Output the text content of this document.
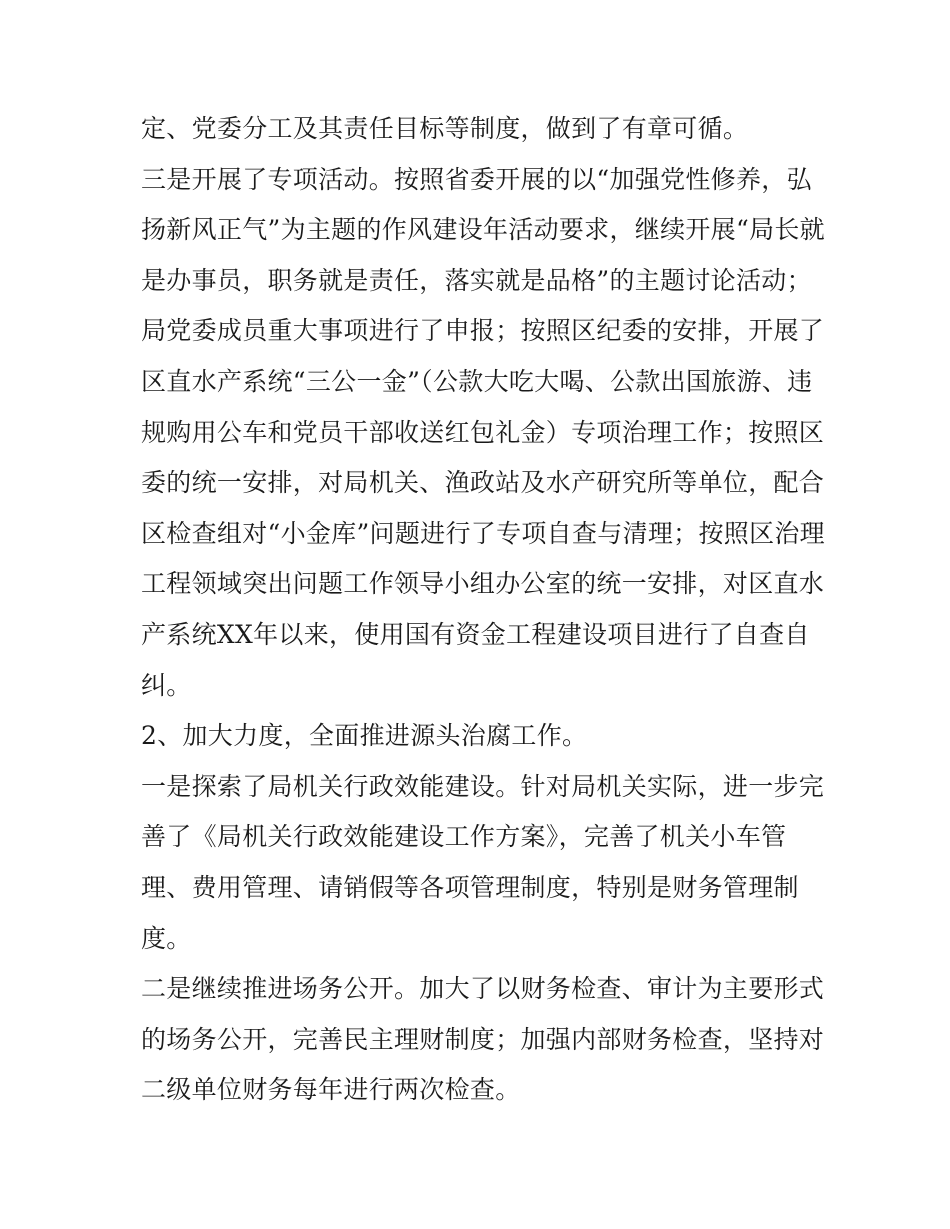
定、党委分工及其责任目标等制度，做到了有章可循。
三是开展了专项活动。按照省委开展的以“加强党性修养，弘
扬新风正气”为主题的作风建设年活动要求，继续开展“局长就
是办事员，职务就是责任，落实就是品格”的主题讨论活动；
局党委成员重大事项进行了申报；按照区纪委的安排，开展了
区直水产系统“三公一金”（公款大吃大喝、公款出国旅游、违
规购用公车和党员干部收送红包礼金）专项治理工作；按照区
委的统一安排，对局机关、渔政站及水产研究所等单位，配合
区检查组对“小金库”问题进行了专项自查与清理；按照区治理
工程领域突出问题工作领导小组办公室的统一安排，对区直水
产系统XX年以来，使用国有资金工程建设项目进行了自查自
纠。
2、加大力度，全面推进源头治腐工作。
一是探索了局机关行政效能建设。针对局机关实际，进一步完
善了《局机关行政效能建设工作方案》，完善了机关小车管
理、费用管理、请销假等各项管理制度，特别是财务管理制
度。
二是继续推进场务公开。加大了以财务检查、审计为主要形式
的场务公开，完善民主理财制度；加强内部财务检查，坚持对
二级单位财务每年进行两次检查。
